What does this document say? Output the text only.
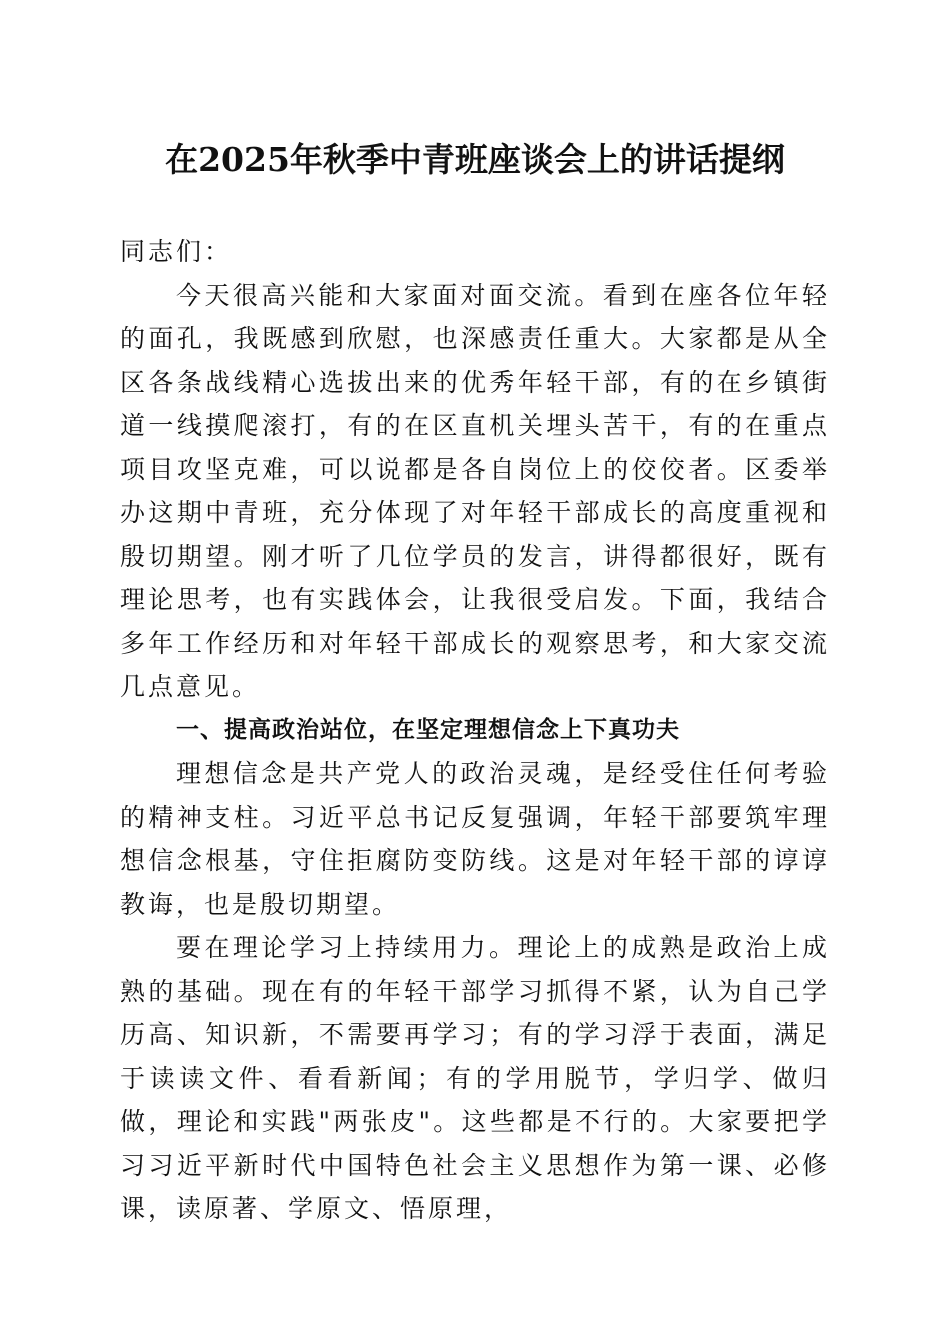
在2025年秋季中青班座谈会上的讲话提纲

同志们：

今天很高兴能和大家面对面交流。看到在座各位年轻的面孔，我既感到欣慰，也深感责任重大。大家都是从全区各条战线精心选拔出来的优秀年轻干部，有的在乡镇街道一线摸爬滚打，有的在区直机关埋头苦干，有的在重点项目攻坚克难，可以说都是各自岗位上的佼佼者。区委举办这期中青班，充分体现了对年轻干部成长的高度重视和殷切期望。刚才听了几位学员的发言，讲得都很好，既有理论思考，也有实践体会，让我很受启发。下面，我结合多年工作经历和对年轻干部成长的观察思考，和大家交流几点意见。

一、提高政治站位，在坚定理想信念上下真功夫

理想信念是共产党人的政治灵魂，是经受住任何考验的精神支柱。习近平总书记反复强调，年轻干部要筑牢理想信念根基，守住拒腐防变防线。这是对年轻干部的谆谆教诲，也是殷切期望。

要在理论学习上持续用力。理论上的成熟是政治上成熟的基础。现在有的年轻干部学习抓得不紧，认为自己学历高、知识新，不需要再学习；有的学习浮于表面，满足于读读文件、看看新闻；有的学用脱节，学归学、做归做，理论和实践"两张皮"。这些都是不行的。大家要把学习习近平新时代中国特色社会主义思想作为第一课、必修课，读原著、学原文、悟原理，
